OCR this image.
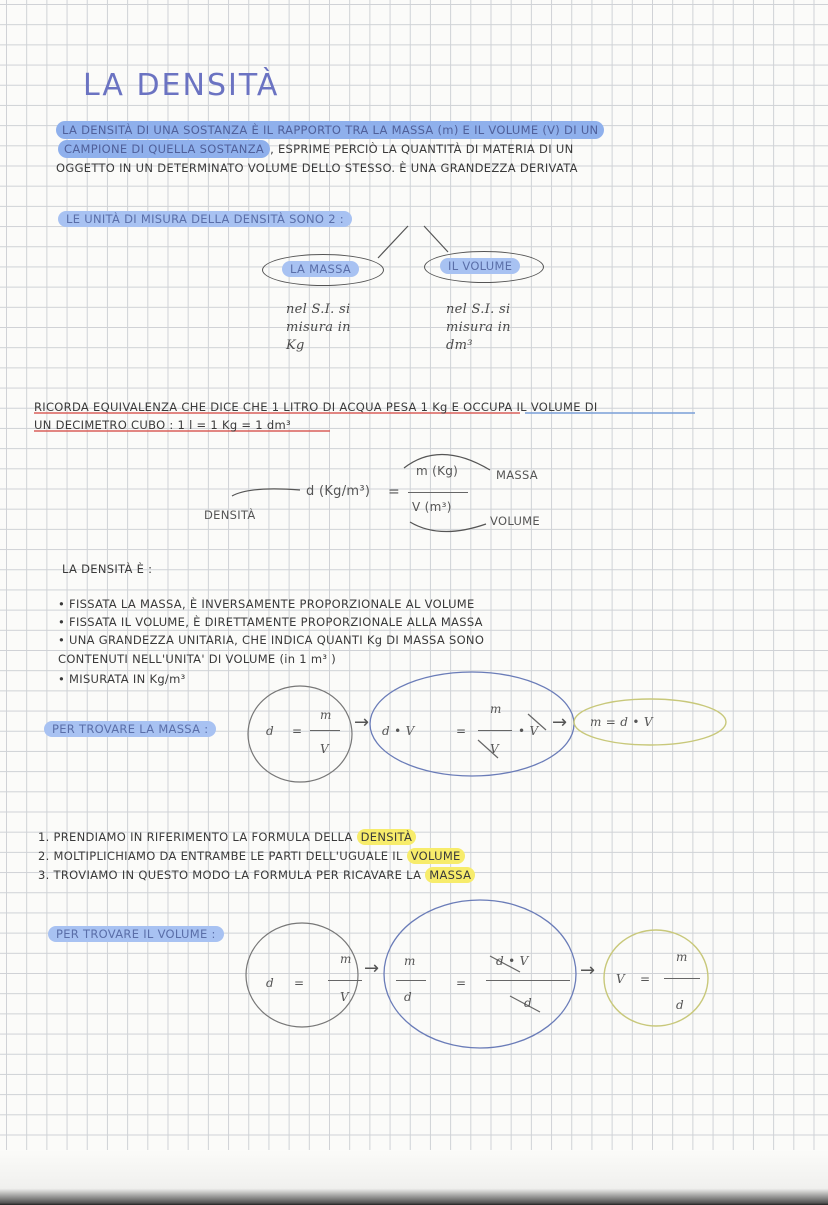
LA DENSITÀ
LA DENSITÀ DI UNA SOSTANZA È IL RAPPORTO TRA LA MASSA (m) E IL VOLUME (V) DI UN
CAMPIONE DI QUELLA SOSTANZA , ESPRIME PERCIÒ LA QUANTITÀ DI MATERIA DI UN
OGGETTO IN UN DETERMINATO VOLUME DELLO STESSO. È UNA GRANDEZZA DERIVATA
LE UNITÀ DI MISURA DELLA DENSITÀ SONO 2 :
LA MASSA	IL VOLUME
nel S.I. si
misura in
Kg
nel S.I. si
misura in
dm³
RICORDA EQUIVALENZA CHE DICE CHE 1 LITRO DI ACQUA PESA 1 Kg E OCCUPA IL VOLUME DI
UN DECIMETRO CUBO : 1 l = 1 Kg = 1 dm³
d (Kg/m³) =
m (Kg)
V (m³)
DENSITÀ
MASSA
VOLUME
LA DENSITÀ È :
• FISSATA LA MASSA, È INVERSAMENTE PROPORZIONALE AL VOLUME
• FISSATA IL VOLUME, È DIRETTAMENTE PROPORZIONALE ALLA MASSA
• UNA GRANDEZZA UNITARIA, CHE INDICA QUANTI Kg DI MASSA SONO
CONTENUTI NELL'UNITA' DI VOLUME (in 1 m³ )
• MISURATA IN Kg/m³
PER TROVARE LA MASSA :	d =
m
V
→ d • V	=
m
V
• V → m = d • V
1. PRENDIAMO IN RIFERIMENTO LA FORMULA DELLA DENSITÀ
2. MOLTIPLICHIAMO DA ENTRAMBE LE PARTI DELL'UGUALE IL VOLUME
3. TROVIAMO IN QUESTO MODO LA FORMULA PER RICAVARE LA MASSA
PER TROVARE IL VOLUME :
d =
m
V
→ m
d
=
d • V
d
→ V =
m
d
